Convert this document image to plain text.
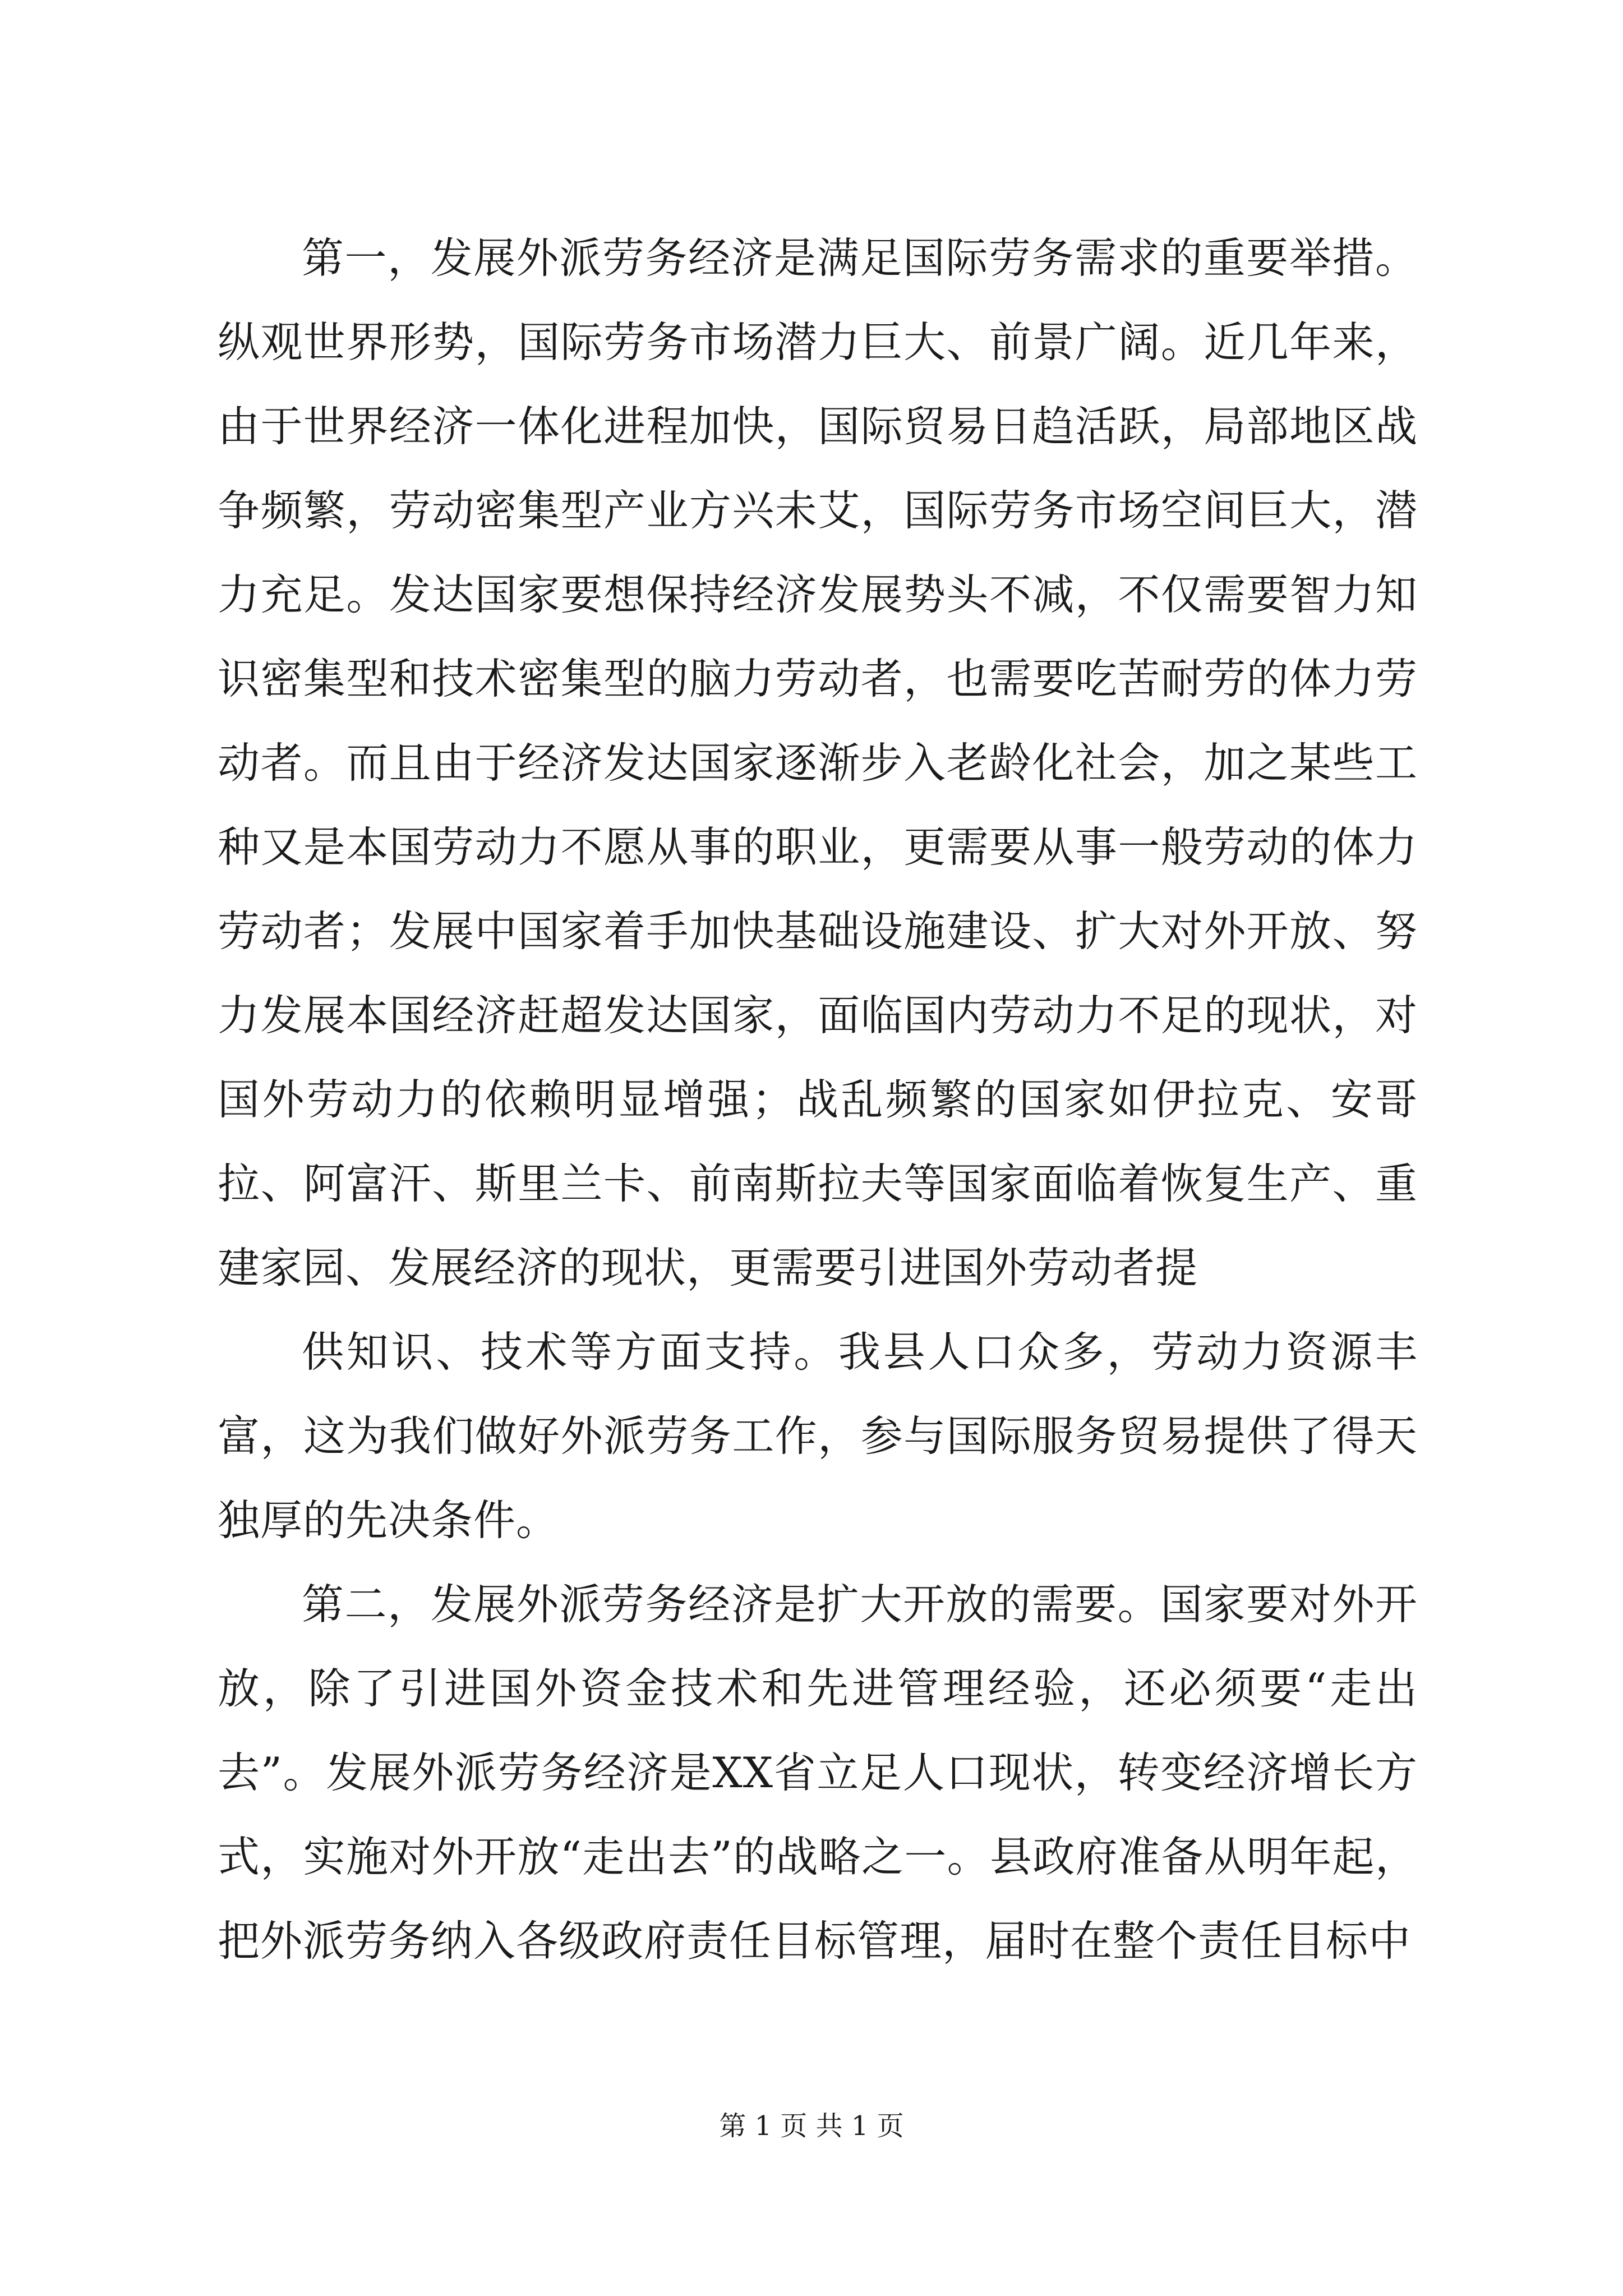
第一，发展外派劳务经济是满足国际劳务需求的重要举措。纵观世界形势，国际劳务市场潜力巨大、前景广阔。近几年来，由于世界经济一体化进程加快，国际贸易日趋活跃，局部地区战争频繁，劳动密集型产业方兴未艾，国际劳务市场空间巨大，潜力充足。发达国家要想保持经济发展势头不减，不仅需要智力知识密集型和技术密集型的脑力劳动者，也需要吃苦耐劳的体力劳动者。而且由于经济发达国家逐渐步入老龄化社会，加之某些工种又是本国劳动力不愿从事的职业，更需要从事一般劳动的体力劳动者；发展中国家着手加快基础设施建设、扩大对外开放、努力发展本国经济赶超发达国家，面临国内劳动力不足的现状，对国外劳动力的依赖明显增强；战乱频繁的国家如伊拉克、安哥拉、阿富汗、斯里兰卡、前南斯拉夫等国家面临着恢复生产、重建家园、发展经济的现状，更需要引进国外劳动者提

供知识、技术等方面支持。我县人口众多，劳动力资源丰富，这为我们做好外派劳务工作，参与国际服务贸易提供了得天独厚的先决条件。

第二，发展外派劳务经济是扩大开放的需要。国家要对外开放，除了引进国外资金技术和先进管理经验，还必须要“走出去”。发展外派劳务经济是XX省立足人口现状，转变经济增长方式，实施对外开放“走出去”的战略之一。县政府准备从明年起，把外派劳务纳入各级政府责任目标管理，届时在整个责任目标中

第 1 页 共 1 页
